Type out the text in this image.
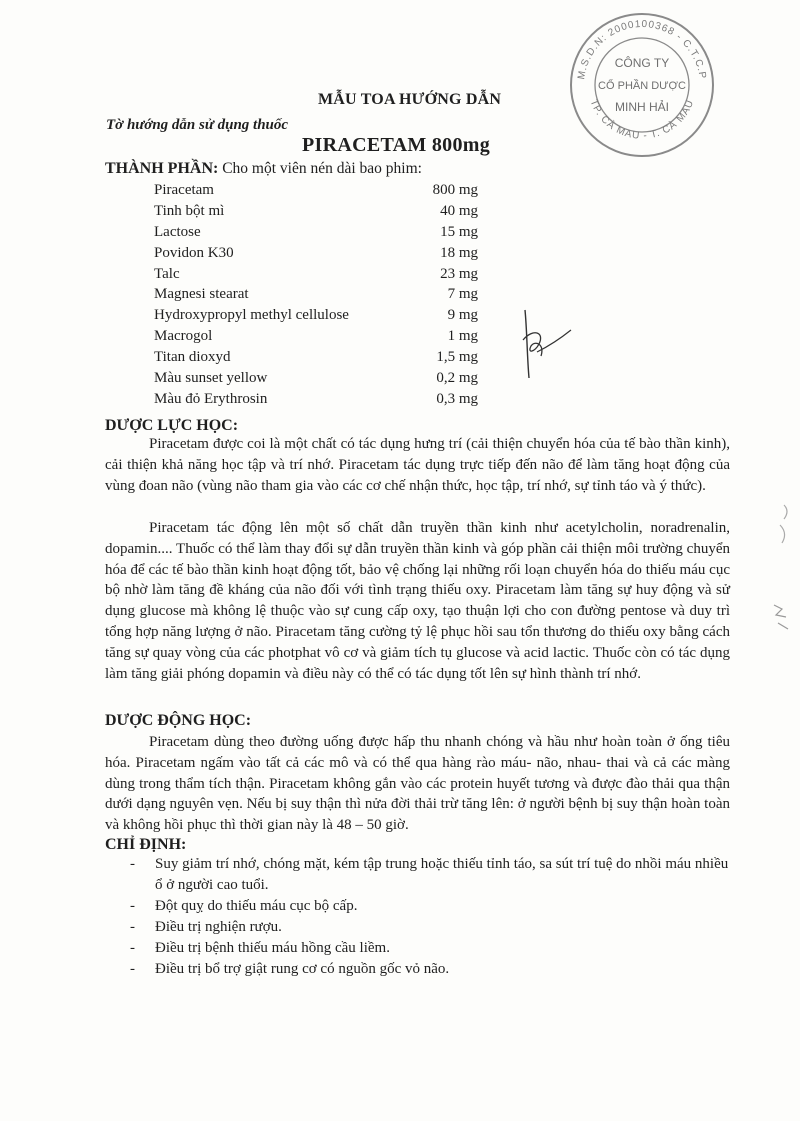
M.S.D.N: 2000100368 - C.T.C.P
TP. CÀ MAU - T. CÀ MAU
CÔNG TY
CỔ PHẦN DƯỢC
MINH HẢI
MẪU TOA HƯỚNG DẪN
Tờ hướng dẫn sử dụng thuốc
PIRACETAM 800mg
THÀNH PHẦN: Cho một viên nén dài bao phim:
Piracetam	800 mg
Tinh bột mì	40 mg
Lactose	15 mg
Povidon K30	18 mg
Talc	23 mg
Magnesi stearat	7 mg
Hydroxypropyl methyl cellulose	9 mg
Macrogol	1 mg
Titan dioxyd	1,5 mg
Màu sunset yellow	0,2 mg
Màu đỏ Erythrosin	0,3 mg
DƯỢC LỰC HỌC:
Piracetam được coi là một chất có tác dụng hưng trí (cải thiện chuyển hóa của tế bào thần kinh), cải thiện khả năng học tập và trí nhớ. Piracetam tác dụng trực tiếp đến não để làm tăng hoạt động của vùng đoan não (vùng não tham gia vào các cơ chế nhận thức, học tập, trí nhớ, sự tỉnh táo và ý thức).
Piracetam tác động lên một số chất dẫn truyền thần kinh như acetylcholin, noradrenalin, dopamin.... Thuốc có thể làm thay đổi sự dẫn truyền thần kinh và góp phần cải thiện môi trường chuyển hóa để các tế bào thần kinh hoạt động tốt, bảo vệ chống lại những rối loạn chuyển hóa do thiếu máu cục bộ nhờ làm tăng đề kháng của não đối với tình trạng thiếu oxy. Piracetam làm tăng sự huy động và sử dụng glucose mà không lệ thuộc vào sự cung cấp oxy, tạo thuận lợi cho con đường pentose và duy trì tổng hợp năng lượng ở não. Piracetam tăng cường tỷ lệ phục hồi sau tổn thương do thiếu oxy bằng cách tăng sự quay vòng của các photphat vô cơ và giảm tích tụ glucose và acid lactic. Thuốc còn có tác dụng làm tăng giải phóng dopamin và điều này có thể có tác dụng tốt lên sự hình thành trí nhớ.
DƯỢC ĐỘNG HỌC:
Piracetam dùng theo đường uống được hấp thu nhanh chóng và hầu như hoàn toàn ở ống tiêu hóa. Piracetam ngấm vào tất cả các mô và có thể qua hàng rào máu- não, nhau- thai và cả các màng dùng trong thẩm tích thận. Piracetam không gắn vào các protein huyết tương và được đào thải qua thận dưới dạng nguyên vẹn. Nếu bị suy thận thì nửa đời thải trừ tăng lên: ở người bệnh bị suy thận hoàn toàn và không hồi phục thì thời gian này là 48 – 50 giờ.
CHỈ ĐỊNH:
-	Suy giảm trí nhớ, chóng mặt, kém tập trung hoặc thiếu tỉnh táo, sa sút trí tuệ do nhồi máu nhiều ổ ở người cao tuổi.
-	Đột quỵ do thiếu máu cục bộ cấp.
-	Điều trị nghiện rượu.
-	Điều trị bệnh thiếu máu hồng cầu liềm.
-	Điều trị bổ trợ giật rung cơ có nguồn gốc vỏ não.
